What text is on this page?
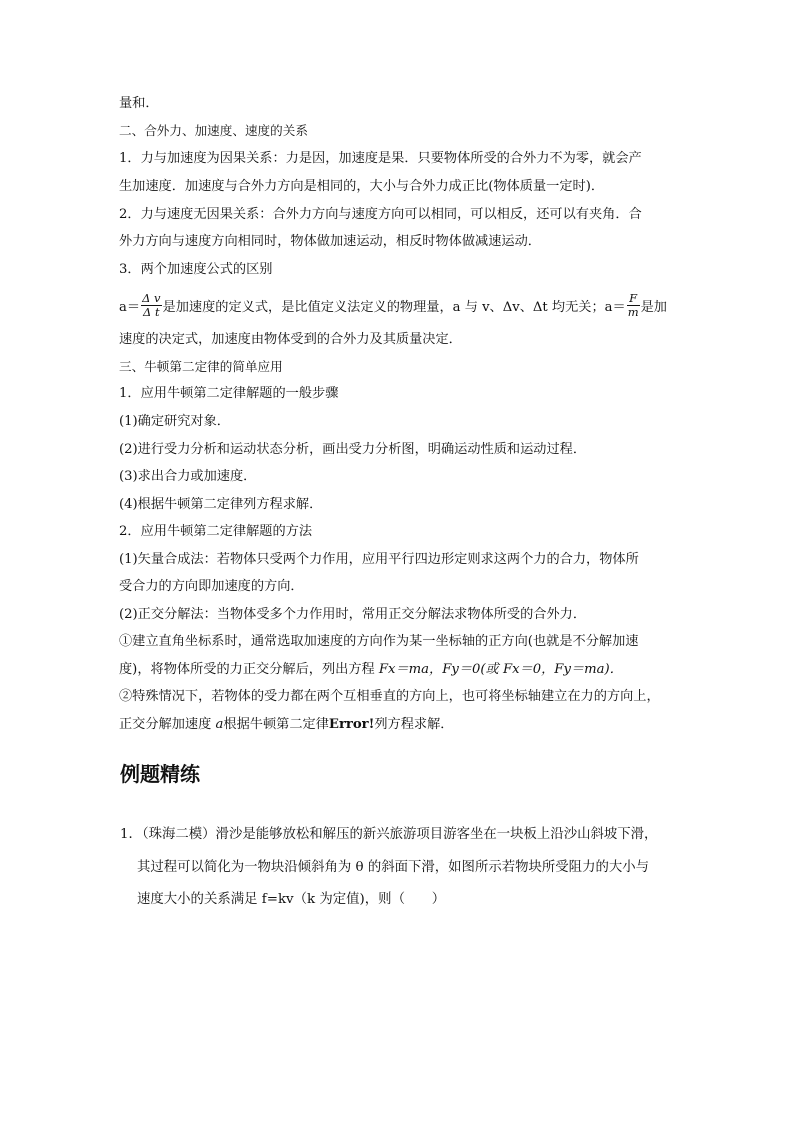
量和．
二、合外力、加速度、速度的关系
1．力与加速度为因果关系：力是因，加速度是果．只要物体所受的合外力不为零，就会产
生加速度．加速度与合外力方向是相同的，大小与合外力成正比(物体质量一定时)．
2．力与速度无因果关系：合外力方向与速度方向可以相同，可以相反，还可以有夹角．合
外力方向与速度方向相同时，物体做加速运动，相反时物体做减速运动．
3．两个加速度公式的区别
$a= \frac{\text{Δ v}}{\text{Δ t}}$ 是加速度的定义式，是比值定义法定义的物理量，a 与 v、Δv、Δt 均无关；$a= \frac{F}{m}$ 是加
速度的决定式，加速度由物体受到的合外力及其质量决定．
三、牛顿第二定律的简单应用
1．应用牛顿第二定律解题的一般步骤
(1)确定研究对象．
(2)进行受力分析和运动状态分析，画出受力分析图，明确运动性质和运动过程．
(3)求出合力或加速度．
(4)根据牛顿第二定律列方程求解．
2．应用牛顿第二定律解题的方法
(1)矢量合成法：若物体只受两个力作用，应用平行四边形定则求这两个力的合力，物体所
受合力的方向即加速度的方向．
(2)正交分解法：当物体受多个力作用时，常用正交分解法求物体所受的合外力．
①建立直角坐标系时，通常选取加速度的方向作为某一坐标轴的正方向(也就是不分解加速
度)，将物体所受的力正交分解后，列出方程 Fx＝ma，Fy＝0(或 Fx＝0，Fy＝ma)．
②特殊情况下，若物体的受力都在两个互相垂直的方向上，也可将坐标轴建立在力的方向上，
正交分解加速度 a根据牛顿第二定律Error!列方程求解．
例题精练
1．（珠海二模）滑沙是能够放松和解压的新兴旅游项目游客坐在一块板上沿沙山斜坡下滑，
其过程可以简化为一物块沿倾斜角为 θ 的斜面下滑，如图所示若物块所受阻力的大小与
速度大小的关系满足 f=kv（k 为定值)，则（　　）
